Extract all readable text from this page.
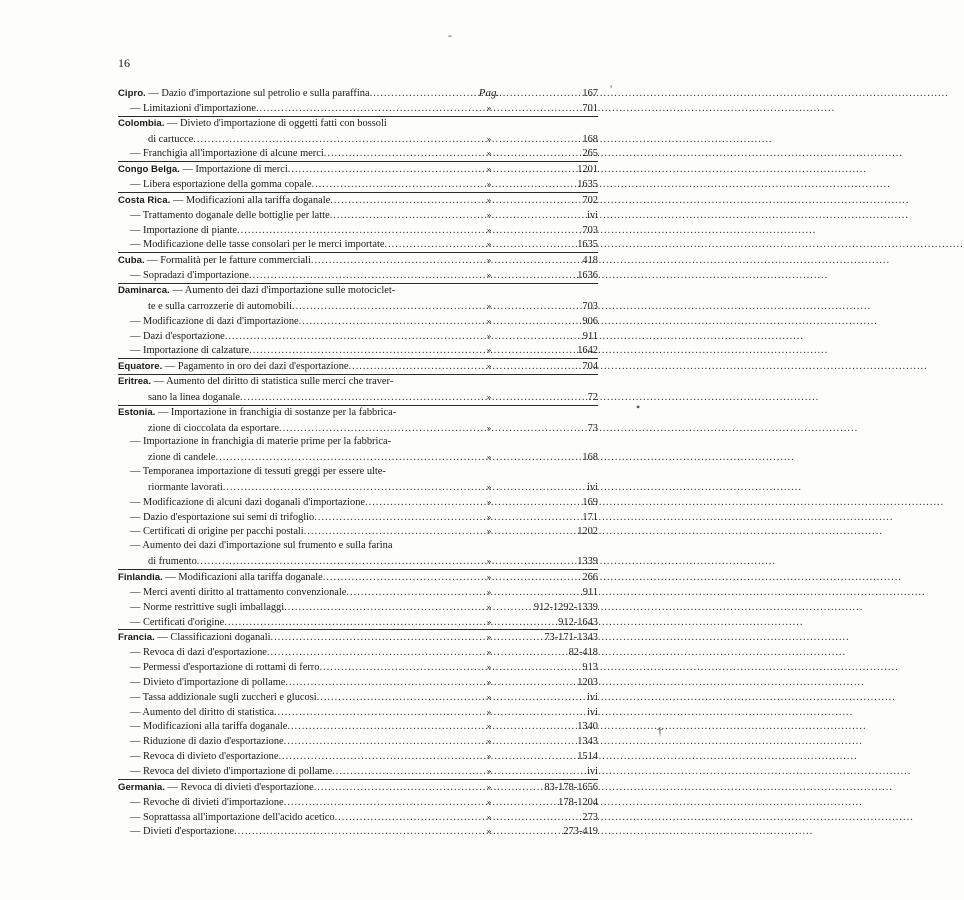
16
Cipro. — Dazio d'importazione sul petrolio e sulla paraffina .....	Pag.	167
— Limitazioni d'importazione .....	»	701
Colombia. — Divieto d'importazione di oggetti fatti con bossoli
di cartucce .....	»	168
— Franchigia all'importazione di alcune merci .....	»	265
Congo Belga. — Importazione di merci .....	»	1201
— Libera esportazione della gomma copale .....	»	1635
Costa Rica. — Modificazioni alla tariffa doganale .....	»	702
— Trattamento doganale delle bottiglie per latte .....	»	ivi
— Importazione di piante .....	»	703
— Modificazione delle tasse consolari per le merci importate .....	»	1635
Cuba. — Formalità per le fatture commerciali .....	»	418
— Sopradazi d'importazione .....	»	1636
Daminarca. — Aumento dei dazi d'importazione sulle motociclet-
te e sulla carrozzerie di automobili .....	»	703
— Modificazione di dazi d'importazione .....	»	906
— Dazi d'esportazione .....	»	911
— Importazione di calzature .....	»	1642
Equatore. — Pagamento in oro dei dazi d'esportazione .....	»	704
Eritrea. — Aumento del diritto di statistica sulle merci che traver-
sano la linea doganale .....	»	72
Estonia. — Importazione in franchigia di sostanze per la fabbrica-
zione di cioccolata da esportare .....	»	73
— Importazione in franchigia di materie prime per la fabbrica-
zione di candele .....	»	168
— Temporanea importazione di tessuti greggi per essere ulte-
riormante lavorati .....	»	ivi
— Modificazione di alcuni dazi doganali d'importazione .....	»	169
— Dazio d'esportazione sui semi di trifoglio .....	»	171
— Certificati di origine per pacchi postali .....	»	1202
— Aumento dei dazi d'importazione sul frumento e sulla farina
di frumento .....	»	1339
Finlandia. — Modificazioni alla tariffa doganale .....	»	266
— Merci aventi diritto al trattamento convenzionale .....	»	911
— Norme restrittive sugli imballaggi .....	»	912-1292-1339
— Certificati d'origine .....	»	912-1643
Francia. — Classificazioni doganali .....	»	73-171-1343
— Revoca di dazi d'esportazione .....	»	82-418
— Permessi d'esportazione di rottami di ferro .....	»	913
— Divieto d'importazione di pollame .....	»	1203
— Tassa addizionale sugli zuccheri e glucosi .....	»	ivi
— Aumento del diritto di statistica .....	»	ivi
— Modificazioni alla tariffa doganale .....	»	1340
— Riduzione di dazio d'esportazione .....	»	1343
— Revoca di divieto d'esportazione .....	»	1514
— Revoca del divieto d'importazione di pollame .....	»	ivi
Germania. — Revoca di divieti d'esportazione .....	»	83-178-1656
— Revoche di divieti d'importazione .....	»	178-1204
— Soprattassa all'importazione dell'acido acetico .....	»	273
— Divieti d'esportazione .....	»	273-419
-
'
•
†
